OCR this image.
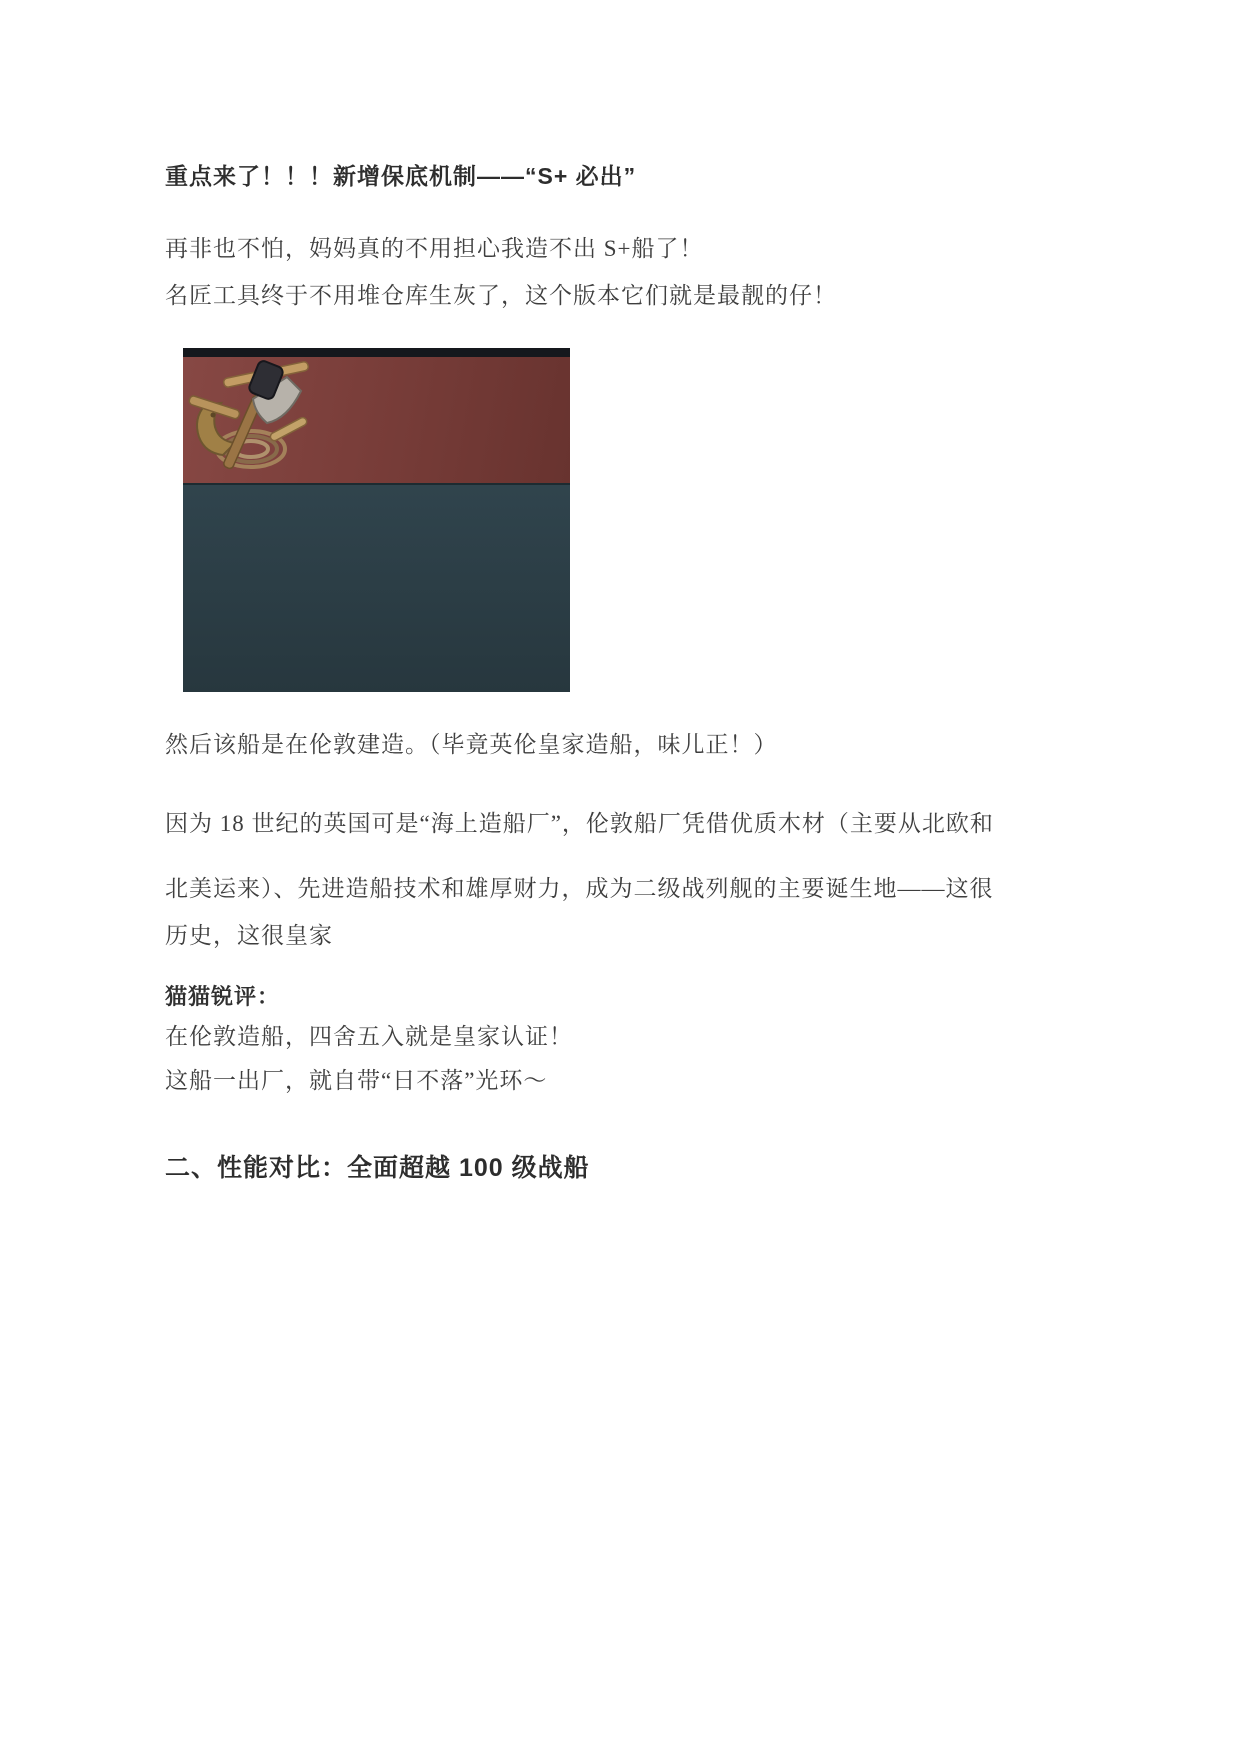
重点来了！！！新增保底机制——“S+ 必出”
再非也不怕，妈妈真的不用担心我造不出 S+船了！
名匠工具终于不用堆仓库生灰了，这个版本它们就是最靓的仔！
然后该船是在伦敦建造。（毕竟英伦皇家造船，味儿正！）
因为 18 世纪的英国可是“海上造船厂”，伦敦船厂凭借优质木材（主要从北欧和
北美运来）、先进造船技术和雄厚财力，成为二级战列舰的主要诞生地——这很
历史，这很皇家
猫猫锐评：
在伦敦造船，四舍五入就是皇家认证！
这船一出厂，就自带“日不落”光环～
二、性能对比：全面超越 100 级战船
